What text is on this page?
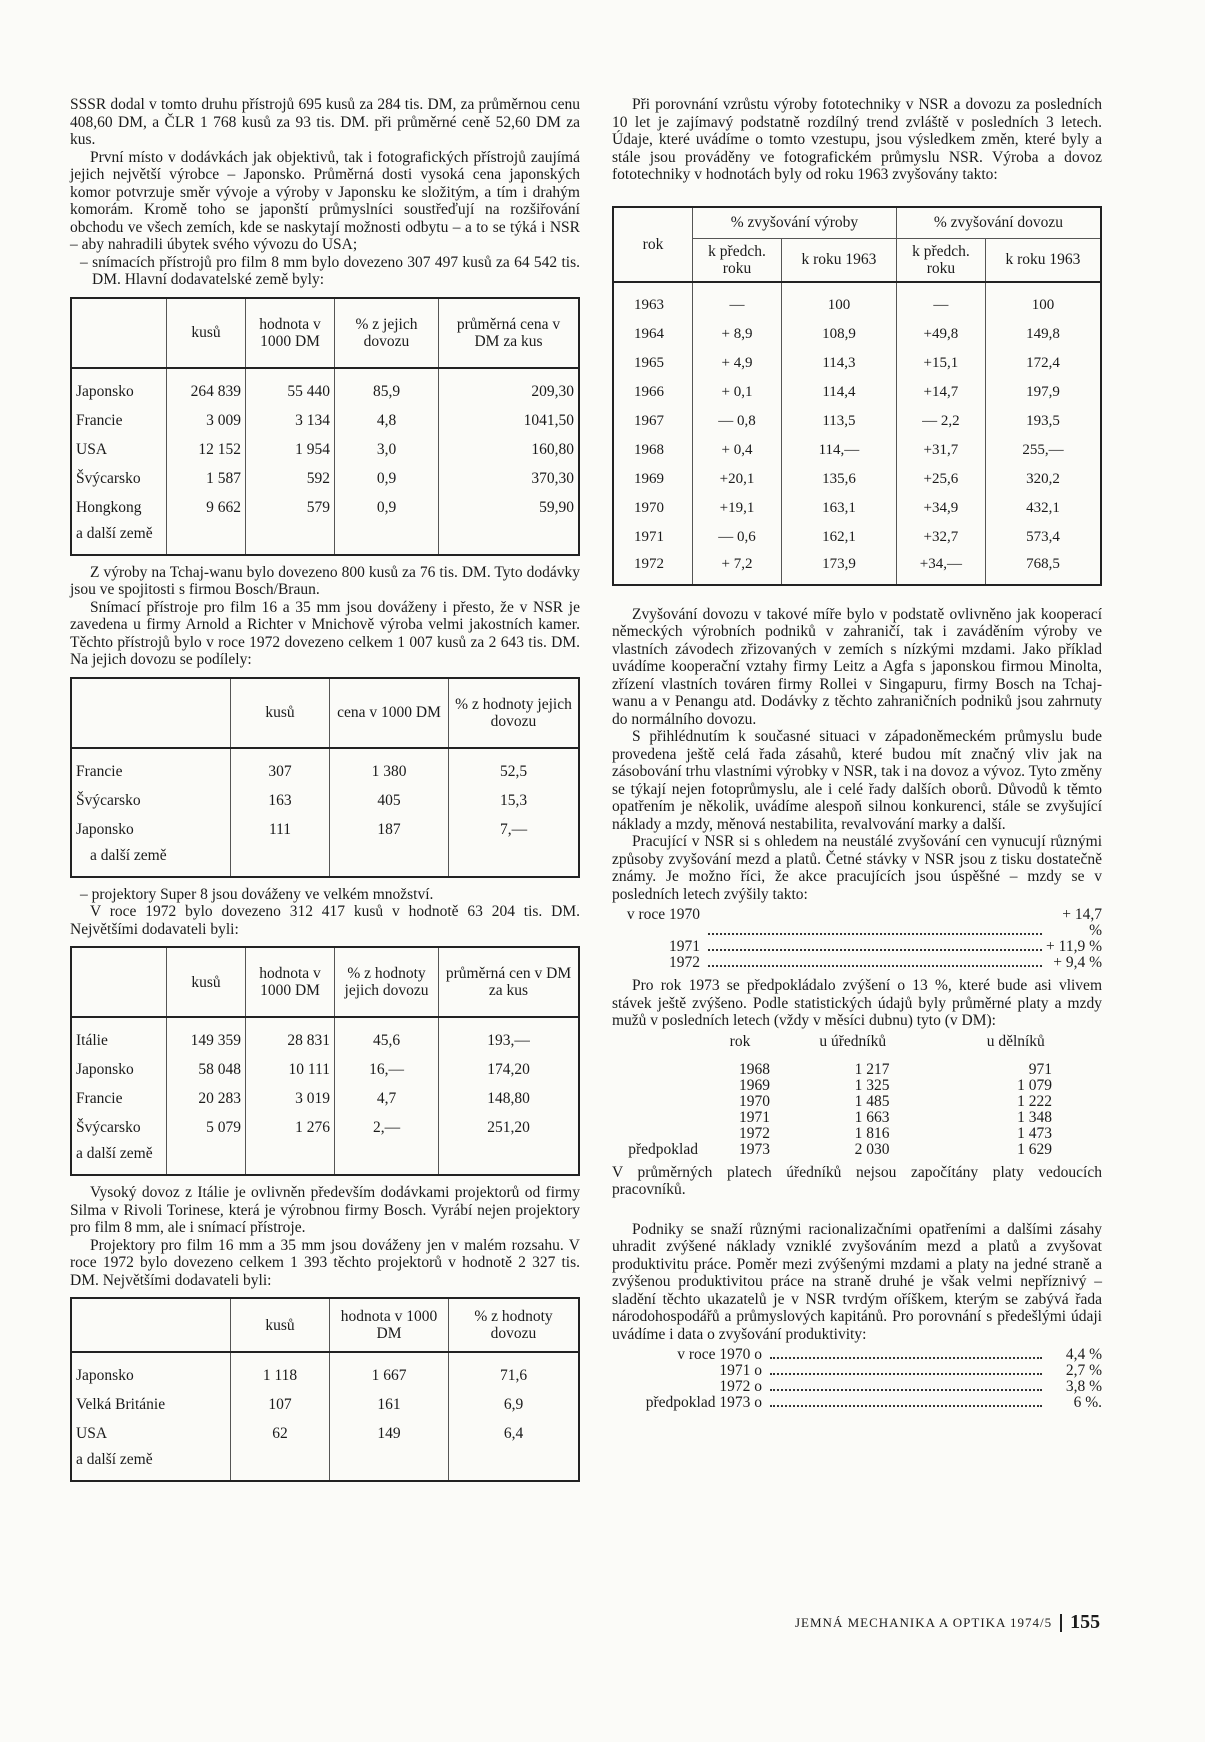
SSSR dodal v tomto druhu přístrojů 695 kusů za 284 tis. DM, za průměrnou cenu 408,60 DM, a ČLR 1 768 kusů za 93 tis. DM. při průměrné ceně 52,60 DM za kus.

První místo v dodávkách jak objektivů, tak i fotografických přístrojů zaujímá jejich největší výrobce – Japonsko. Průměrná dosti vysoká cena japonských komor potvrzuje směr vývoje a výroby v Japonsku ke složitým, a tím i drahým komorám. Kromě toho se japonští průmyslníci soustřeďují na rozšiřování obchodu ve všech zemích, kde se naskytají možnosti odbytu – a to se týká i NSR – aby nahradili úbytek svého vývozu do USA;

– snímacích přístrojů pro film 8 mm bylo dovezeno 307 497 kusů za 64 542 tis. DM. Hlavní dodavatelské země byly:

	kusů	hodnota v 1000 DM	% z jejich dovozu	průměrná cena v DM za kus
Japonsko	264 839	55 440	85,9	209,30
Francie	3 009	3 134	4,8	1041,50
USA	12 152	1 954	3,0	160,80
Švýcarsko	1 587	592	0,9	370,30
Hongkong	9 662	579	0,9	59,90
a další země				

Z výroby na Tchaj-wanu bylo dovezeno 800 kusů za 76 tis. DM. Tyto dodávky jsou ve spojitosti s firmou Bosch/Braun.

Snímací přístroje pro film 16 a 35 mm jsou dováženy i přesto, že v NSR je zavedena u firmy Arnold a Richter v Mnichově výroba velmi jakostních kamer. Těchto přístrojů bylo v roce 1972 dovezeno celkem 1 007 kusů za 2 643 tis. DM. Na jejich dovozu se podílely:

	kusů	cena v 1000 DM	% z hodnoty jejich dovozu
Francie	307	1 380	52,5
Švýcarsko	163	405	15,3
Japonsko	111	187	7,—
a další země			

– projektory Super 8 jsou dováženy ve velkém množství.

V roce 1972 bylo dovezeno 312 417 kusů v hodnotě 63 204 tis. DM. Největšími dodavateli byli:

	kusů	hodnota v 1000 DM	% z hodnoty jejich dovozu	průměrná cen v DM za kus
Itálie	149 359	28 831	45,6	193,—
Japonsko	58 048	10 111	16,—	174,20
Francie	20 283	3 019	4,7	148,80
Švýcarsko	5 079	1 276	2,—	251,20
a další země				

Vysoký dovoz z Itálie je ovlivněn především dodávkami projektorů od firmy Silma v Rivoli Torinese, která je výrobnou firmy Bosch. Vyrábí nejen projektory pro film 8 mm, ale i snímací přístroje.

Projektory pro film 16 mm a 35 mm jsou dováženy jen v malém rozsahu. V roce 1972 bylo dovezeno celkem 1 393 těchto projektorů v hodnotě 2 327 tis. DM. Největšími dodavateli byli:

	kusů	hodnota v 1000 DM	% z hodnoty dovozu
Japonsko	1 118	1 667	71,6
Velká Británie	107	161	6,9
USA	62	149	6,4
a další země			

Při porovnání vzrůstu výroby fototechniky v NSR a dovozu za posledních 10 let je zajímavý podstatně rozdílný trend zvláště v posledních 3 letech. Údaje, které uvádíme o tomto vzestupu, jsou výsledkem změn, které byly a stále jsou prováděny ve fotografickém průmyslu NSR. Výroba a dovoz fototechniky v hodnotách byly od roku 1963 zvyšovány takto:

rok	% zvyšování výroby		% zvyšování dovozu	
	k předch. roku	k roku 1963	k předch. roku	k roku 1963
1963	—	100	—	100
1964	+ 8,9	108,9	+49,8	149,8
1965	+ 4,9	114,3	+15,1	172,4
1966	+ 0,1	114,4	+14,7	197,9
1967	— 0,8	113,5	— 2,2	193,5
1968	+ 0,4	114,—	+31,7	255,—
1969	+20,1	135,6	+25,6	320,2
1970	+19,1	163,1	+34,9	432,1
1971	— 0,6	162,1	+32,7	573,4
1972	+ 7,2	173,9	+34,—	768,5

Zvyšování dovozu v takové míře bylo v podstatě ovlivněno jak kooperací německých výrobních podniků v zahraničí, tak i zaváděním výroby ve vlastních závodech zřizovaných v zemích s nízkými mzdami. Jako příklad uvádíme kooperační vztahy firmy Leitz a Agfa s japonskou firmou Minolta, zřízení vlastních továren firmy Rollei v Singapuru, firmy Bosch na Tchaj-wanu a v Penangu atd. Dodávky z těchto zahraničních podniků jsou zahrnuty do normálního dovozu.

S přihlédnutím k současné situaci v západoněmeckém průmyslu bude provedena ještě celá řada zásahů, které budou mít značný vliv jak na zásobování trhu vlastními výrobky v NSR, tak i na dovoz a vývoz. Tyto změny se týkají nejen fotoprůmyslu, ale i celé řady dalších oborů. Důvodů k těmto opatřením je několik, uvádíme alespoň silnou konkurenci, stále se zvyšující náklady a mzdy, měnová nestabilita, revalvování marky a další.

Pracující v NSR si s ohledem na neustálé zvyšování cen vynucují různými způsoby zvyšování mezd a platů. Četné stávky v NSR jsou z tisku dostatečně známy. Je možno říci, že akce pracujících jsou úspěšné – mzdy se v posledních letech zvýšily takto:

v roce 1970	+ 14,7 %
1971	+ 11,9 %
1972	+ 9,4 %

Pro rok 1973 se předpokládalo zvýšení o 13 %, které bude asi vlivem stávek ještě zvýšeno. Podle statistických údajů byly průměrné platy a mzdy mužů v posledních letech (vždy v měsíci dubnu) tyto (v DM):

	rok	u úředníků	u dělníků
	1968	1 217	971
	1969	1 325	1 079
	1970	1 485	1 222
	1971	1 663	1 348
	1972	1 816	1 473
předpoklad	1973	2 030	1 629

V průměrných platech úředníků nejsou započítány platy vedoucích pracovníků.

Podniky se snaží různými racionalizačními opatřeními a dalšími zásahy uhradit zvýšené náklady vzniklé zvyšováním mezd a platů a zvyšovat produktivitu práce. Poměr mezi zvýšenými mzdami a platy na jedné straně a zvýšenou produktivitou práce na straně druhé je však velmi nepříznivý – sladění těchto ukazatelů je v NSR tvrdým oříškem, kterým se zabývá řada národohospodářů a průmyslových kapitánů. Pro porovnání s předešlými údaji uvádíme i data o zvyšování produktivity:

v roce 1970 o	4,4 %
1971 o	2,7 %
1972 o	3,8 %
předpoklad 1973 o	6 %.
JEMNÁ MECHANIKA A OPTIKA 1974/5 155
